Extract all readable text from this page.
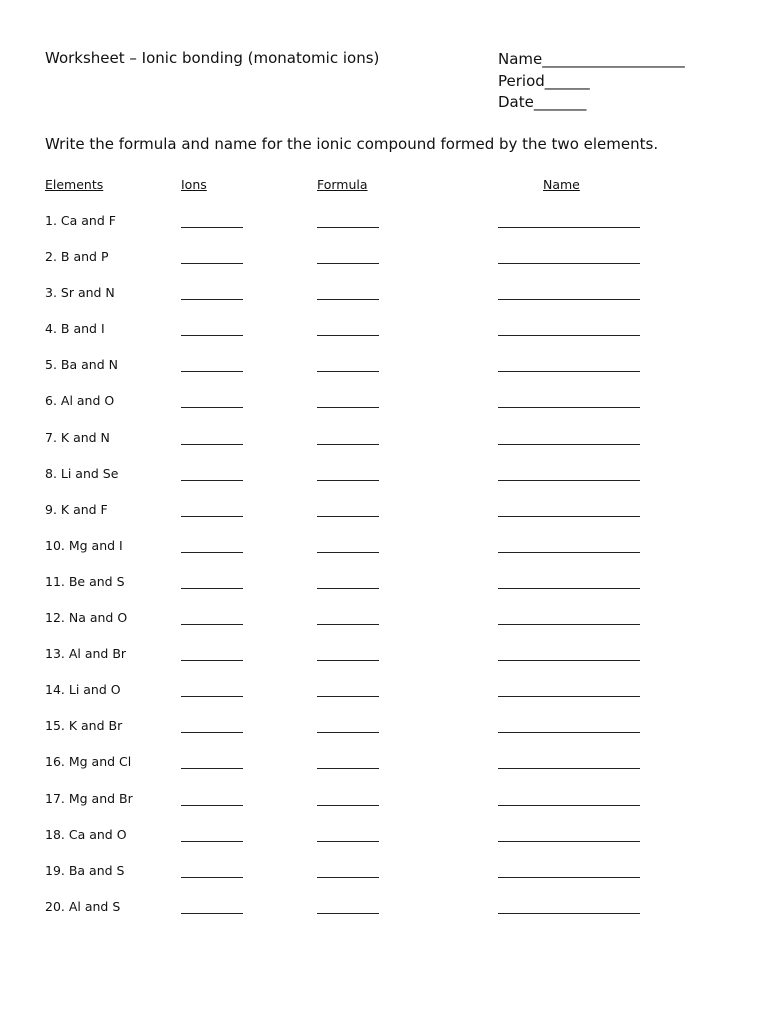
Worksheet – Ionic bonding (monatomic ions)	Name___________________
Period______
Date_______
Write the formula and name for the ionic compound formed by the two elements.
Elements	Ions	Formula	Name
1. Ca and F
2. B and P
3. Sr and N
4. B and I
5. Ba and N
6. Al and O
7. K and N
8. Li and Se
9. K and F
10. Mg and I
11. Be and S
12. Na and O
13. Al and Br
14. Li and O
15. K and Br
16. Mg and Cl
17. Mg and Br
18. Ca and O
19. Ba and S
20. Al and S
